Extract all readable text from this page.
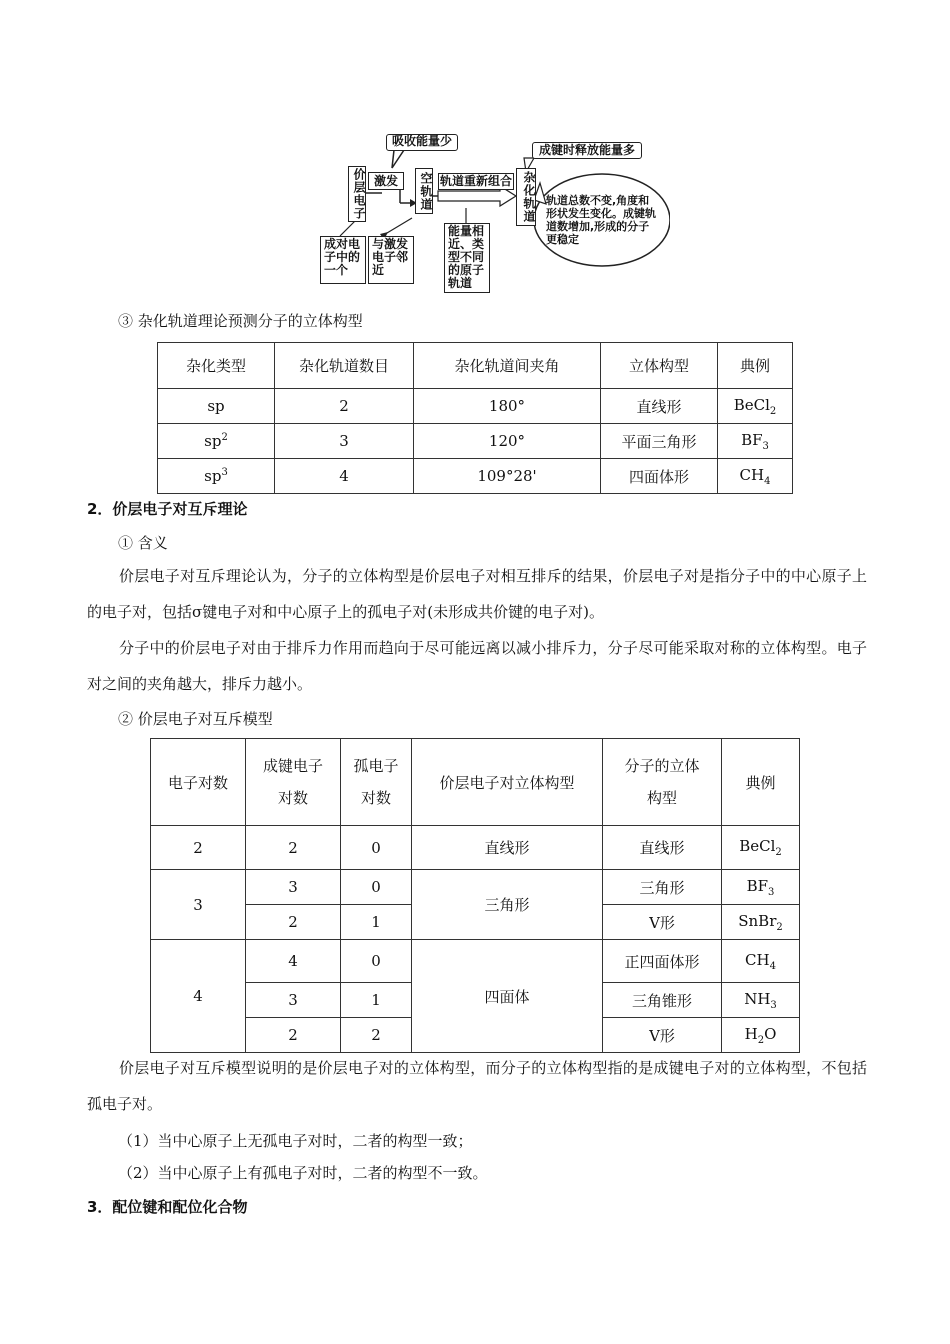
吸收能量少
价层电子 激发	空轨道 轨道重新组合 杂化轨道
成键时释放能量多
成对电子中的一个
与激发电子邻近
能量相近、类型不同的原子轨道
轨道总数不变,角度和形状发生变化。成键轨道数增加,形成的分子更稳定
③ 杂化轨道理论预测分子的立体构型
杂化类型	杂化轨道数目	杂化轨道间夹角	立体构型	典例
sp	2	180°	直线形	BeCl$_2$
$sp^2$	3	120°	平面三角形	$BF_3$
$sp^3$	4	109°28'	四面体形	$CH_4$
2．价层电子对互斥理论
① 含义
价层电子对互斥理论认为，分子的立体构型是价层电子对相互排斥的结果，价层电子对是指分子中的中心原子上的电子对，包括σ键电子对和中心原子上的孤电子对(未形成共价键的电子对)。
分子中的价层电子对由于排斥力作用而趋向于尽可能远离以减小排斥力，分子尽可能采取对称的立体构型。电子对之间的夹角越大，排斥力越小。
② 价层电子对互斥模型
电子对数	成键电子对数	孤电子对数	价层电子对立体构型	分子的立体构型	典例
2	2	0	直线形	直线形	BeCl$_2$
3	3	0	三角形	三角形	$BF_3$
	2	1		V形	SnBr$_2$
4	4	0	四面体	正四面体形	$CH_4$
	3	1		三角锥形	$NH_3$
	2	2		V形	$H_2O$
价层电子对互斥模型说明的是价层电子对的立体构型，而分子的立体构型指的是成键电子对的立体构型，不包括孤电子对。
（1）当中心原子上无孤电子对时，二者的构型一致；
（2）当中心原子上有孤电子对时，二者的构型不一致。
3．配位键和配位化合物
